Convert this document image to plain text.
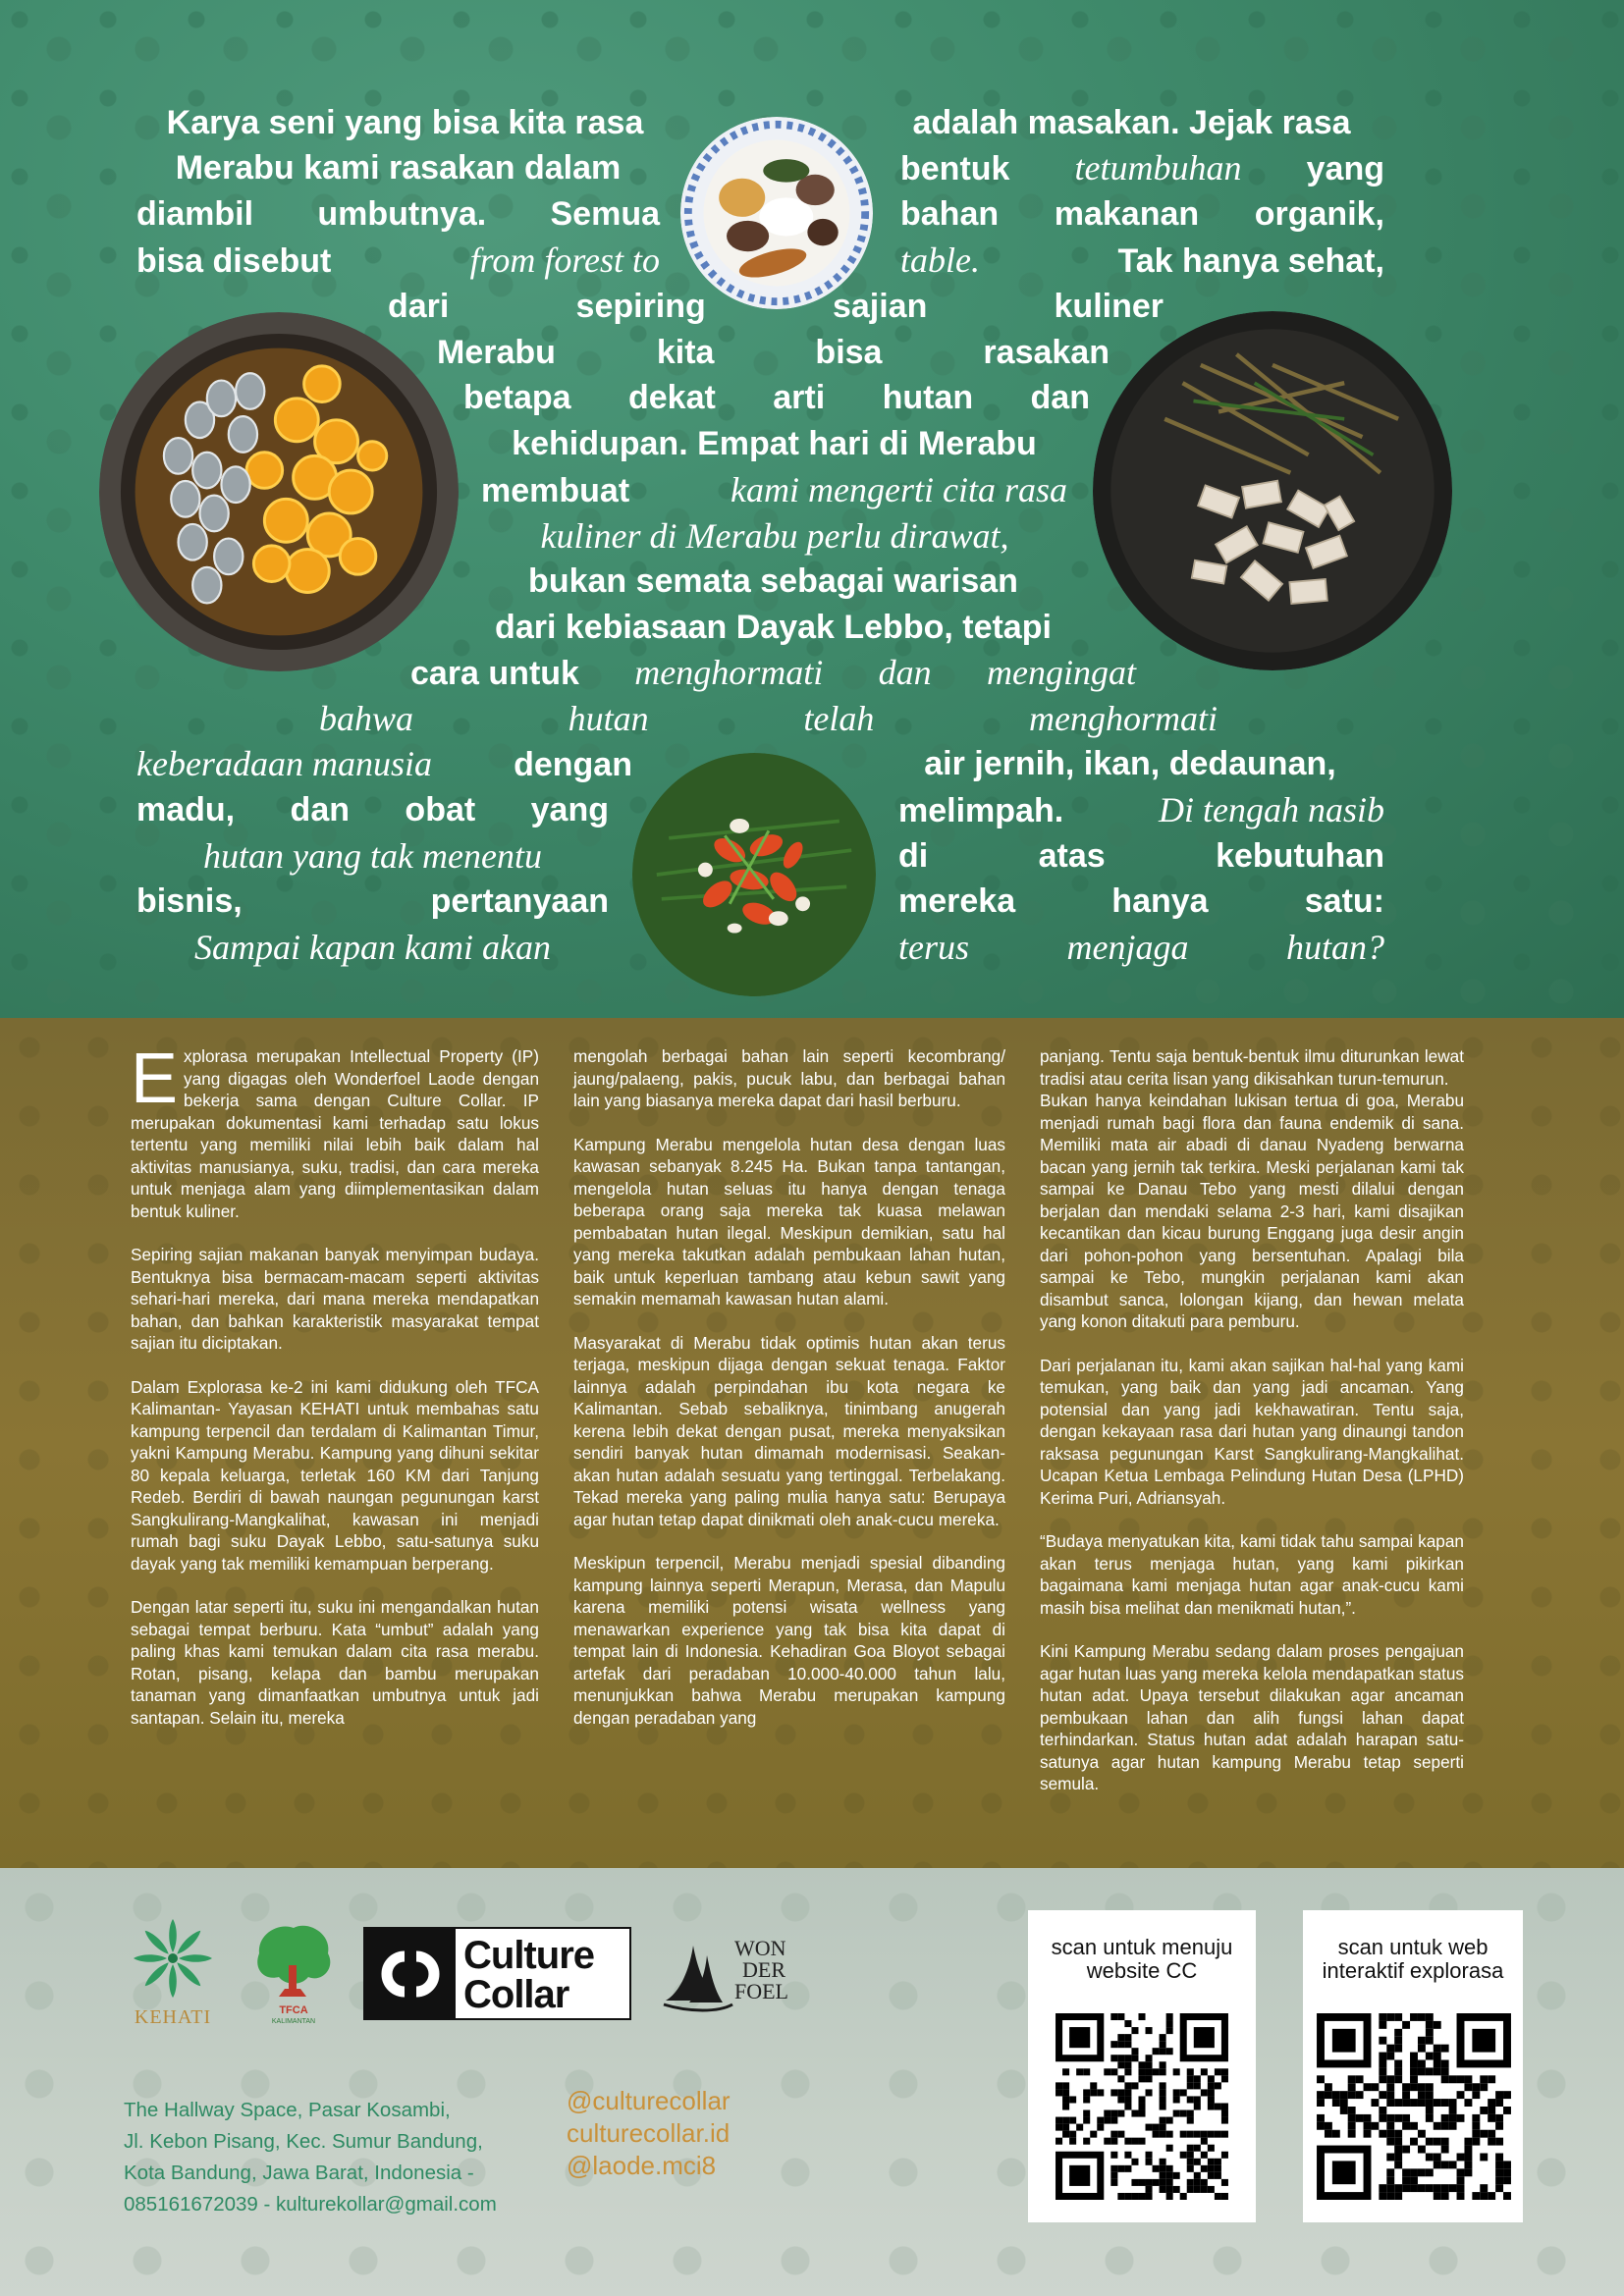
Karya seni yang bisa kita rasa	adalah masakan. Jejak rasa
Merabu kami rasakan dalam	bentuk tetumbuhan yang
diambil umbutnya. Semua	bahan makanan organik,
bisa disebut	from forest to	table.	Tak hanya sehat,
dari	sepiring	sajian	kuliner
Merabu	kita	bisa	rasakan
betapa dekat arti hutan dan
kehidupan. Empat hari di Merabu
membuat	kami mengerti cita rasa
kuliner di Merabu perlu dirawat,
bukan semata sebagai warisan
dari kebiasaan Dayak Lebbo, tetapi
cara untuk menghormati dan mengingat
bahwa	hutan	telah	menghormati
keberadaan manusia dengan	air jernih, ikan, dedaunan,
madu, dan obat yang	melimpah.	Di tengah nasib
hutan yang tak menentu	di	atas	kebutuhan
bisnis,	pertanyaan	mereka	hanya	satu:
Sampai kapan kami akan	terus	menjaga	hutan?

Explorasa merupakan Intellectual Property (IP) yang digagas oleh Wonderfoel Laode dengan bekerja sama dengan Culture Collar. IP merupakan dokumentasi kami terhadap satu lokus tertentu yang memiliki nilai lebih baik dalam hal aktivitas manusianya, suku, tradisi, dan cara mereka untuk menjaga alam yang diimplementasikan dalam bentuk kuliner.

Sepiring sajian makanan banyak menyimpan budaya. Bentuknya bisa bermacam-macam seperti aktivitas sehari-hari mereka, dari mana mereka mendapatkan bahan, dan bahkan karakteristik masyarakat tempat sajian itu diciptakan.

Dalam Explorasa ke-2 ini kami didukung oleh TFCA Kalimantan- Yayasan KEHATI untuk membahas satu kampung terpencil dan terdalam di Kalimantan Timur, yakni Kampung Merabu. Kampung yang dihuni sekitar 80 kepala keluarga, terletak 160 KM dari Tanjung Redeb. Berdiri di bawah naungan pegunungan karst Sangkulirang-Mangkalihat, kawasan ini menjadi rumah bagi suku Dayak Lebbo, satu-satunya suku dayak yang tak memiliki kemampuan berperang.

Dengan latar seperti itu, suku ini mengandalkan hutan sebagai tempat berburu. Kata “umbut” adalah yang paling khas kami temukan dalam cita rasa merabu. Rotan, pisang, kelapa dan bambu merupakan tanaman yang dimanfaatkan umbutnya untuk jadi santapan. Selain itu, mereka

mengolah berbagai bahan lain seperti kecombrang/ jaung/palaeng, pakis, pucuk labu, dan berbagai bahan lain yang biasanya mereka dapat dari hasil berburu.

Kampung Merabu mengelola hutan desa dengan luas kawasan sebanyak 8.245 Ha. Bukan tanpa tantangan, mengelola hutan seluas itu hanya dengan tenaga beberapa orang saja mereka tak kuasa melawan pembabatan hutan ilegal. Meskipun demikian, satu hal yang mereka takutkan adalah pembukaan lahan hutan, baik untuk keperluan tambang atau kebun sawit yang semakin memamah kawasan hutan alami.

Masyarakat di Merabu tidak optimis hutan akan terus terjaga, meskipun dijaga dengan sekuat tenaga. Faktor lainnya adalah perpindahan ibu kota negara ke Kalimantan. Sebab sebaliknya, tinimbang anugerah kerena lebih dekat dengan pusat, mereka menyaksikan sendiri banyak hutan dimamah modernisasi. Seakan-akan hutan adalah sesuatu yang tertinggal. Terbelakang. Tekad mereka yang paling mulia hanya satu: Berupaya agar hutan tetap dapat dinikmati oleh anak-cucu mereka.

Meskipun terpencil, Merabu menjadi spesial dibanding kampung lainnya seperti Merapun, Merasa, dan Mapulu karena memiliki potensi wisata wellness yang menawarkan experience yang tak bisa kita dapat di tempat lain di Indonesia. Kehadiran Goa Bloyot sebagai artefak dari peradaban 10.000-40.000 tahun lalu, menunjukkan bahwa Merabu merupakan kampung dengan peradaban yang

panjang. Tentu saja bentuk-bentuk ilmu diturunkan lewat tradisi atau cerita lisan yang dikisahkan turun-temurun.
Bukan hanya keindahan lukisan tertua di goa, Merabu menjadi rumah bagi flora dan fauna endemik di sana. Memiliki mata air abadi di danau Nyadeng berwarna bacan yang jernih tak terkira. Meski perjalanan kami tak sampai ke Danau Tebo yang mesti dilalui dengan berjalan dan mendaki selama 2-3 hari, kami disajikan kecantikan dan kicau burung Enggang juga desir angin dari pohon-pohon yang bersentuhan. Apalagi bila sampai ke Tebo, mungkin perjalanan kami akan disambut sanca, lolongan kijang, dan hewan melata yang konon ditakuti para pemburu.

Dari perjalanan itu, kami akan sajikan hal-hal yang kami temukan, yang baik dan yang jadi ancaman. Yang potensial dan yang jadi kekhawatiran. Tentu saja, dengan kekayaan rasa dari hutan yang dinaungi tandon raksasa pegunungan Karst Sangkulirang-Mangkalihat. Ucapan Ketua Lembaga Pelindung Hutan Desa (LPHD) Kerima Puri, Adriansyah.

“Budaya menyatukan kita, kami tidak tahu sampai kapan akan terus menjaga hutan, yang kami pikirkan bagaimana kami menjaga hutan agar anak-cucu kami masih bisa melihat dan menikmati hutan,”.

Kini Kampung Merabu sedang dalam proses pengajuan agar hutan luas yang mereka kelola mendapatkan status hutan adat. Upaya tersebut dilakukan agar ancaman pembukaan lahan dan alih fungsi lahan dapat terhindarkan. Status hutan adat adalah harapan satu-satunya agar hutan kampung Merabu tetap seperti semula.

KEHATI	TFCA
KALIMANTAN
Culture
Collar
WON
DER
FOEL
The Hallway Space, Pasar Kosambi,
Jl. Kebon Pisang, Kec. Sumur Bandung,
Kota Bandung, Jawa Barat, Indonesia -
085161672039 - kulturekollar@gmail.com
@culturecollar
culturecollar.id
@laode.mci8
scan untuk menuju
website CC
scan untuk web
interaktif explorasa
